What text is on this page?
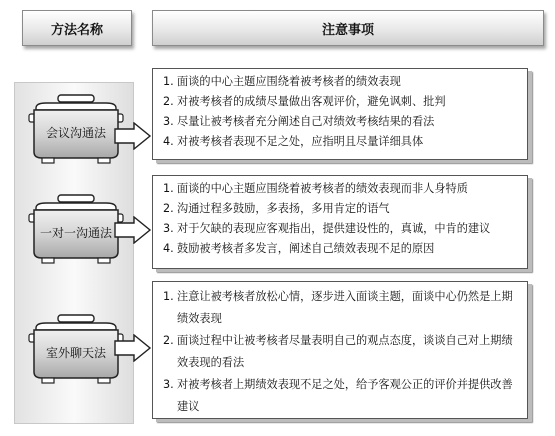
方法名称	注意事项
会议沟通法
一对一沟通法
室外聊天法
1. 面谈的中心主题应围绕着被考核者的绩效表现
2. 对被考核者的成绩尽量做出客观评价，避免讽刺、批判
3. 尽量让被考核者充分阐述自己对绩效考核结果的看法
4. 对被考核者表现不足之处，应指明且尽量详细具体
1. 面谈的中心主题应围绕着被考核者的绩效表现而非人身特质
2. 沟通过程多鼓励，多表扬，多用肯定的语气
3. 对于欠缺的表现应客观指出，提供建设性的，真诚，中肯的建议
4. 鼓励被考核者多发言，阐述自己绩效表现不足的原因
1. 注意让被考核者放松心情，逐步进入面谈主题，面谈中心仍然是上期绩效表现
2. 面谈过程中让被考核者尽量表明自己的观点态度，谈谈自己对上期绩效表现的看法
3. 对被考核者上期绩效表现不足之处，给予客观公正的评价并提供改善建议
